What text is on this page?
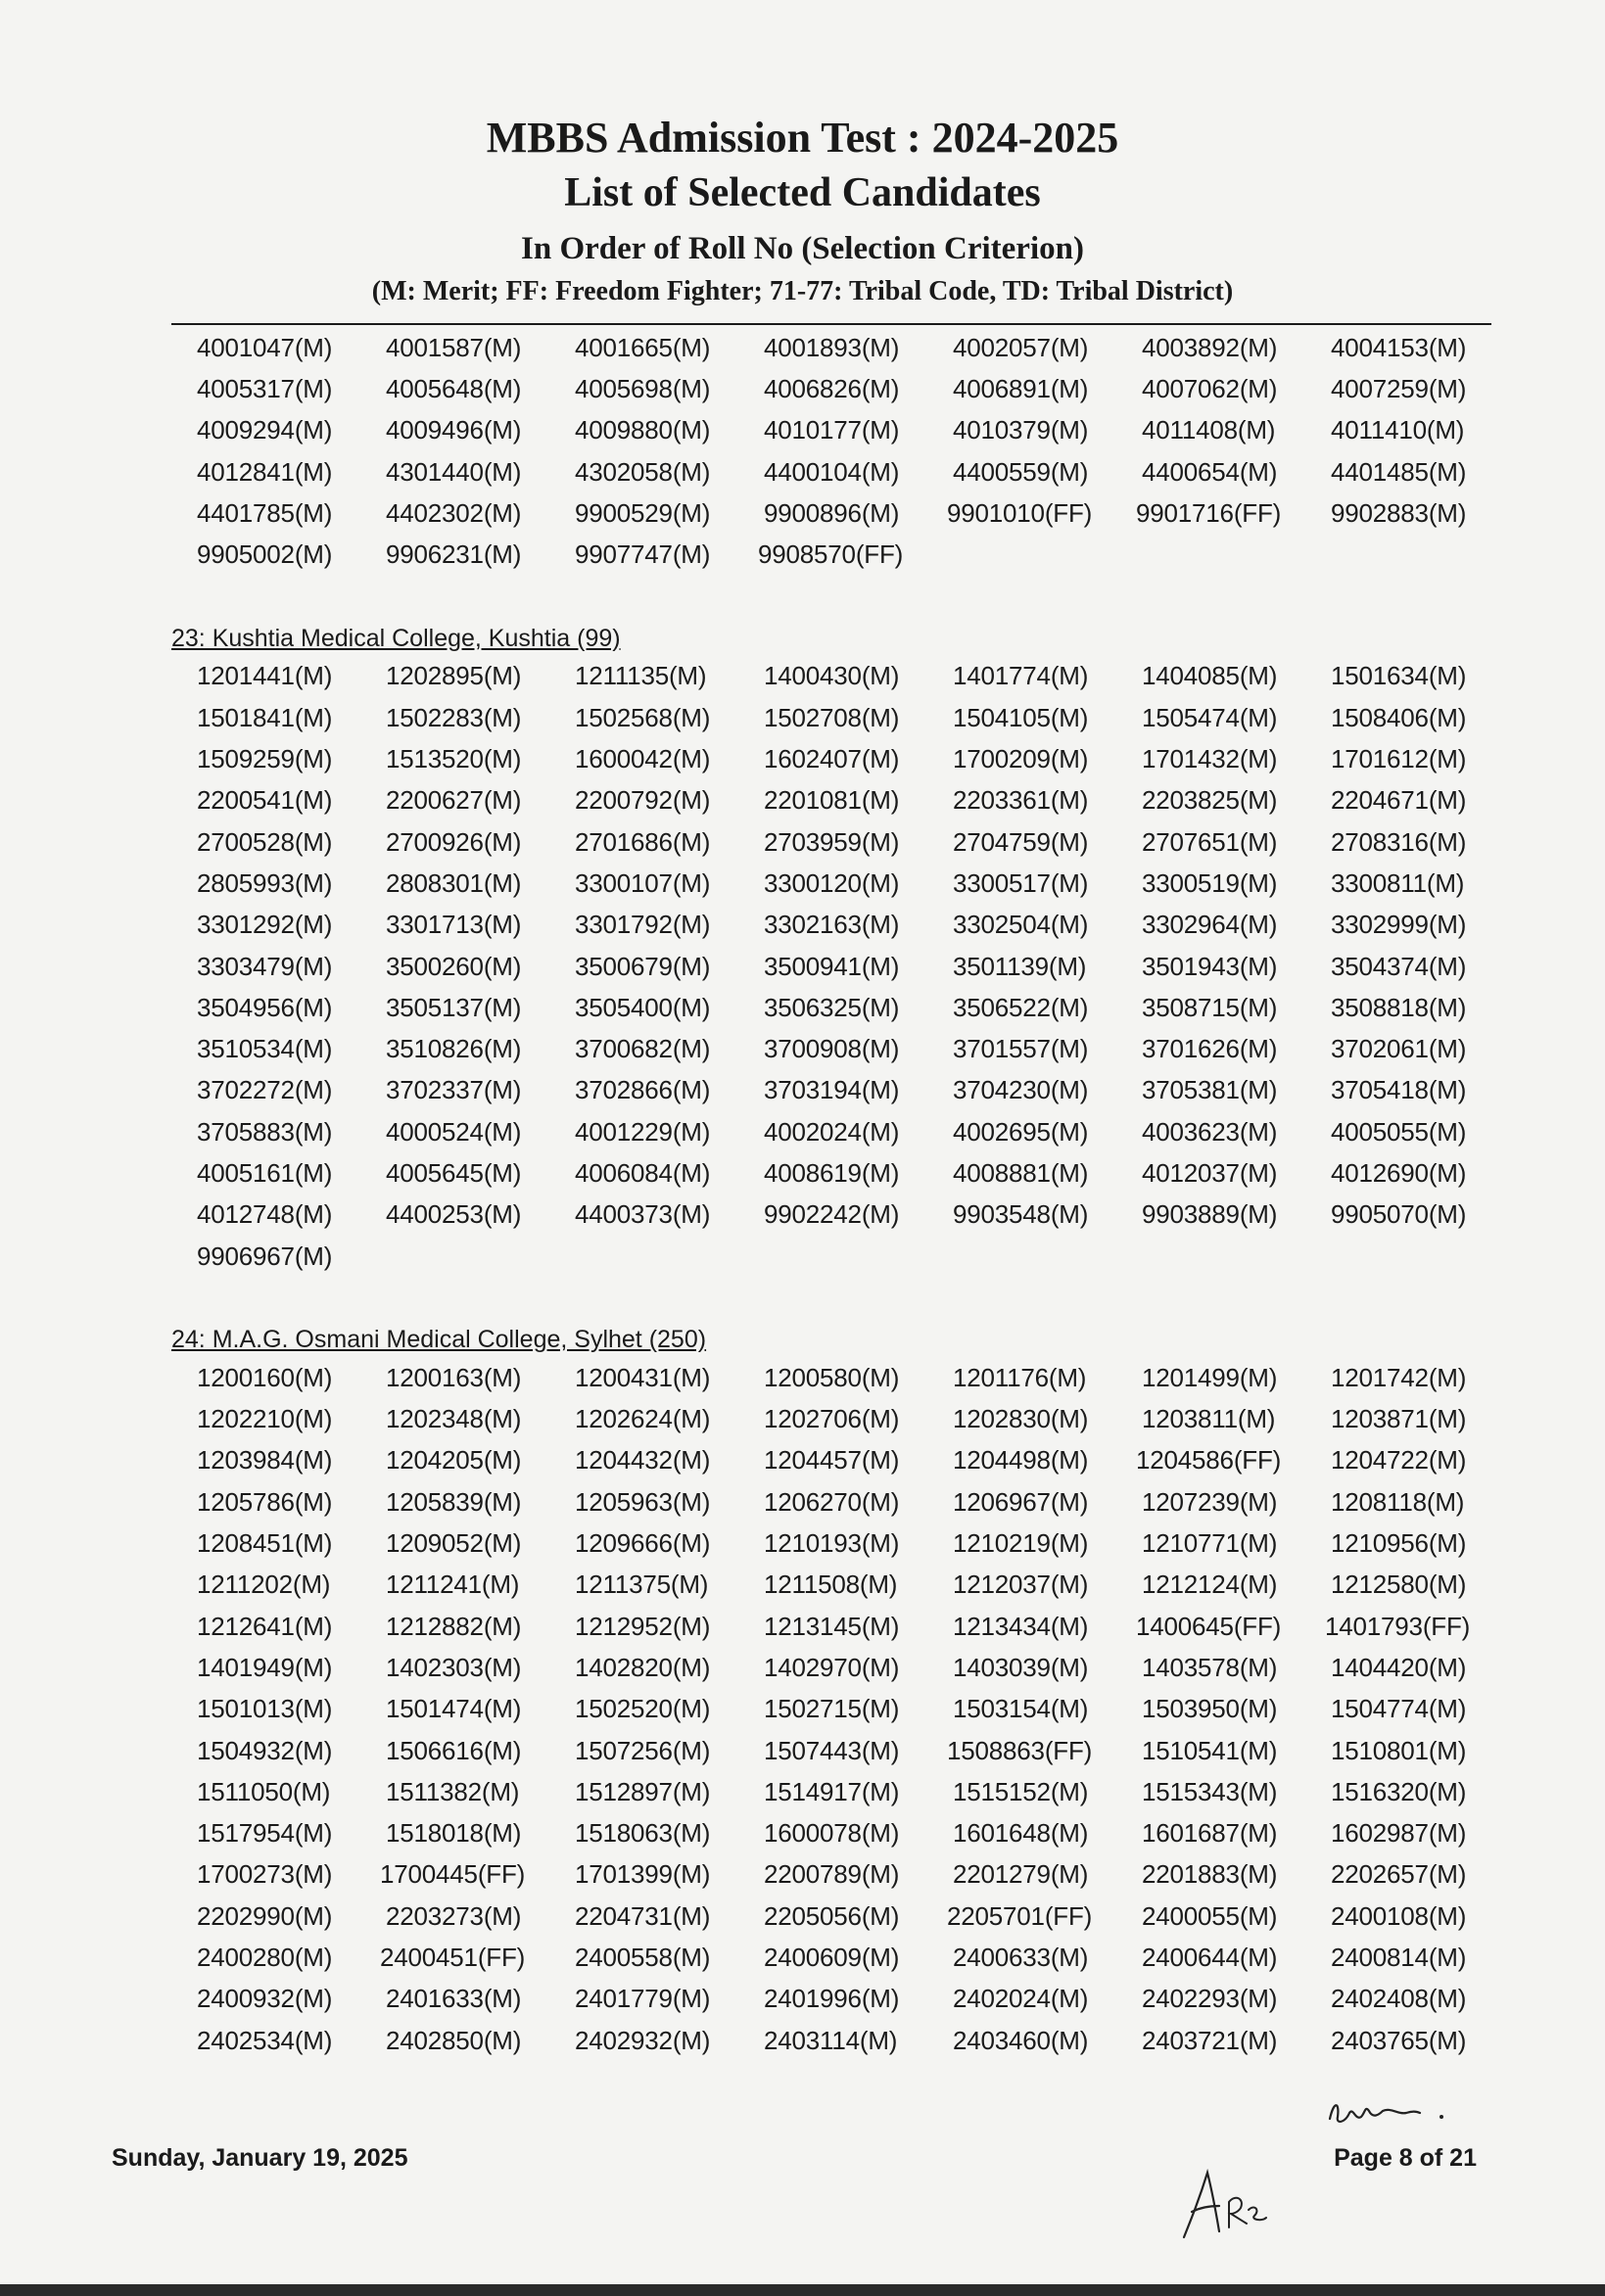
MBBS Admission Test : 2024-2025
List of Selected Candidates
In Order of Roll No (Selection Criterion)
(M: Merit; FF: Freedom Fighter; 71-77: Tribal Code, TD: Tribal District)
4001047(M)	4001587(M)	4001665(M)	4001893(M)	4002057(M)	4003892(M)	4004153(M)
4005317(M)	4005648(M)	4005698(M)	4006826(M)	4006891(M)	4007062(M)	4007259(M)
4009294(M)	4009496(M)	4009880(M)	4010177(M)	4010379(M)	4011408(M)	4011410(M)
4012841(M)	4301440(M)	4302058(M)	4400104(M)	4400559(M)	4400654(M)	4401485(M)
4401785(M)	4402302(M)	9900529(M)	9900896(M)	9901010(FF)	9901716(FF)	9902883(M)
9905002(M)	9906231(M)	9907747(M)	9908570(FF)
23: Kushtia Medical College, Kushtia (99)
1201441(M)	1202895(M)	1211135(M)	1400430(M)	1401774(M)	1404085(M)	1501634(M)
1501841(M)	1502283(M)	1502568(M)	1502708(M)	1504105(M)	1505474(M)	1508406(M)
1509259(M)	1513520(M)	1600042(M)	1602407(M)	1700209(M)	1701432(M)	1701612(M)
2200541(M)	2200627(M)	2200792(M)	2201081(M)	2203361(M)	2203825(M)	2204671(M)
2700528(M)	2700926(M)	2701686(M)	2703959(M)	2704759(M)	2707651(M)	2708316(M)
2805993(M)	2808301(M)	3300107(M)	3300120(M)	3300517(M)	3300519(M)	3300811(M)
3301292(M)	3301713(M)	3301792(M)	3302163(M)	3302504(M)	3302964(M)	3302999(M)
3303479(M)	3500260(M)	3500679(M)	3500941(M)	3501139(M)	3501943(M)	3504374(M)
3504956(M)	3505137(M)	3505400(M)	3506325(M)	3506522(M)	3508715(M)	3508818(M)
3510534(M)	3510826(M)	3700682(M)	3700908(M)	3701557(M)	3701626(M)	3702061(M)
3702272(M)	3702337(M)	3702866(M)	3703194(M)	3704230(M)	3705381(M)	3705418(M)
3705883(M)	4000524(M)	4001229(M)	4002024(M)	4002695(M)	4003623(M)	4005055(M)
4005161(M)	4005645(M)	4006084(M)	4008619(M)	4008881(M)	4012037(M)	4012690(M)
4012748(M)	4400253(M)	4400373(M)	9902242(M)	9903548(M)	9903889(M)	9905070(M)
9906967(M)
24: M.A.G. Osmani Medical College, Sylhet (250)
1200160(M)	1200163(M)	1200431(M)	1200580(M)	1201176(M)	1201499(M)	1201742(M)
1202210(M)	1202348(M)	1202624(M)	1202706(M)	1202830(M)	1203811(M)	1203871(M)
1203984(M)	1204205(M)	1204432(M)	1204457(M)	1204498(M)	1204586(FF)	1204722(M)
1205786(M)	1205839(M)	1205963(M)	1206270(M)	1206967(M)	1207239(M)	1208118(M)
1208451(M)	1209052(M)	1209666(M)	1210193(M)	1210219(M)	1210771(M)	1210956(M)
1211202(M)	1211241(M)	1211375(M)	1211508(M)	1212037(M)	1212124(M)	1212580(M)
1212641(M)	1212882(M)	1212952(M)	1213145(M)	1213434(M)	1400645(FF)	1401793(FF)
1401949(M)	1402303(M)	1402820(M)	1402970(M)	1403039(M)	1403578(M)	1404420(M)
1501013(M)	1501474(M)	1502520(M)	1502715(M)	1503154(M)	1503950(M)	1504774(M)
1504932(M)	1506616(M)	1507256(M)	1507443(M)	1508863(FF)	1510541(M)	1510801(M)
1511050(M)	1511382(M)	1512897(M)	1514917(M)	1515152(M)	1515343(M)	1516320(M)
1517954(M)	1518018(M)	1518063(M)	1600078(M)	1601648(M)	1601687(M)	1602987(M)
1700273(M)	1700445(FF)	1701399(M)	2200789(M)	2201279(M)	2201883(M)	2202657(M)
2202990(M)	2203273(M)	2204731(M)	2205056(M)	2205701(FF)	2400055(M)	2400108(M)
2400280(M)	2400451(FF)	2400558(M)	2400609(M)	2400633(M)	2400644(M)	2400814(M)
2400932(M)	2401633(M)	2401779(M)	2401996(M)	2402024(M)	2402293(M)	2402408(M)
2402534(M)	2402850(M)	2402932(M)	2403114(M)	2403460(M)	2403721(M)	2403765(M)
Sunday, January 19, 2025	Page 8 of 21
